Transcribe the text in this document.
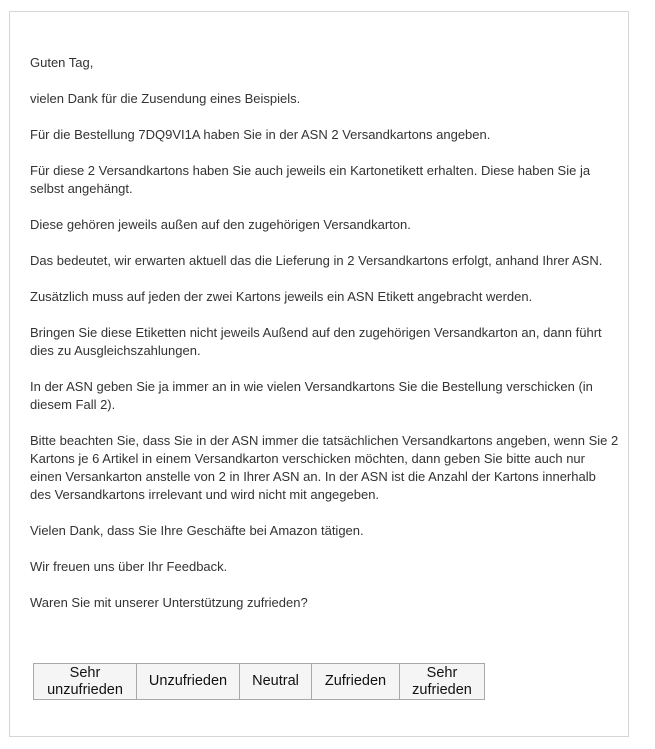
Guten Tag,

vielen Dank für die Zusendung eines Beispiels.

Für die Bestellung 7DQ9VI1A haben Sie in der ASN 2 Versandkartons angeben.

Für diese 2 Versandkartons haben Sie auch jeweils ein Kartonetikett erhalten. Diese haben Sie ja selbst angehängt.

Diese gehören jeweils außen auf den zugehörigen Versandkarton.

Das bedeutet, wir erwarten aktuell das die Lieferung in 2 Versandkartons erfolgt, anhand Ihrer ASN.

Zusätzlich muss auf jeden der zwei Kartons jeweils ein ASN Etikett angebracht werden.

Bringen Sie diese Etiketten nicht jeweils Außend auf den zugehörigen Versandkarton an, dann führt dies zu Ausgleichszahlungen.

In der ASN geben Sie ja immer an in wie vielen Versandkartons Sie die Bestellung verschicken (in diesem Fall 2).

Bitte beachten Sie, dass Sie in der ASN immer die tatsächlichen Versandkartons angeben, wenn Sie 2 Kartons je 6 Artikel in einem Versandkarton verschicken möchten, dann geben Sie bitte auch nur einen Versankarton anstelle von 2 in Ihrer ASN an. In der ASN ist die Anzahl der Kartons innerhalb des Versandkartons irrelevant und wird nicht mit angegeben.

Vielen Dank, dass Sie Ihre Geschäfte bei Amazon tätigen.

Wir freuen uns über Ihr Feedback.

Waren Sie mit unserer Unterstützung zufrieden?

Sehr
unzufrieden	Unzufrieden	Neutral	Zufrieden	Sehr
zufrieden
